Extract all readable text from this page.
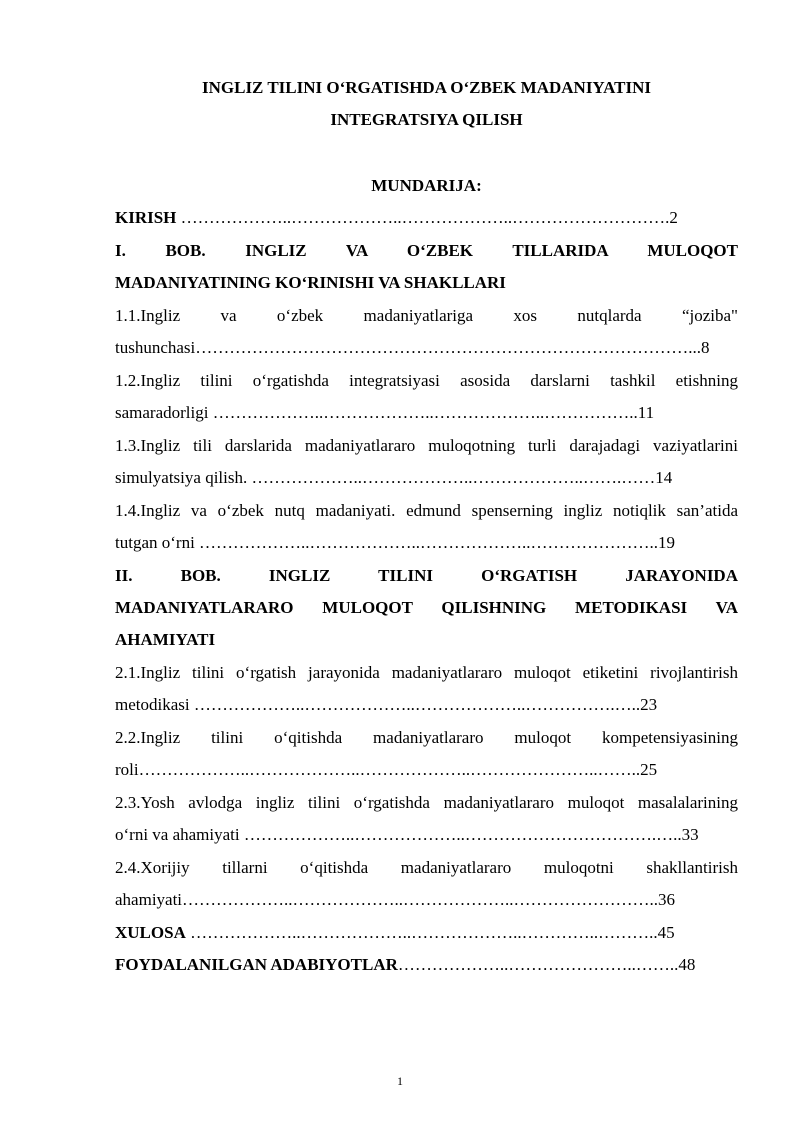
INGLIZ TILINI O‘RGATISHDA O‘ZBEK MADANIYATINI
INTEGRATSIYA QILISH
MUNDARIJA:
KIRISH ………………..………………..………………..……………………….2
I. BOB. INGLIZ VA O‘ZBEK TILLARIDA MULOQOT
MADANIYATINING KO‘RINISHI VA SHAKLLARI
1.1.Ingliz va o‘zbek madaniyatlariga xos nutqlarda “joziba"
tushunchasi……………………………………………………………………………...8
1.2.Ingliz tilini o‘rgatishda integratsiyasi asosida darslarni tashkil etishning
samaradorligi ………………..………………..………………..……………..11
1.3.Ingliz tili darslarida madaniyatlararo muloqotning turli darajadagi vaziyatlarini
simulyatsiya qilish. ………………..………………..………………..…….……14
1.4.Ingliz va o‘zbek nutq madaniyati. edmund spenserning ingliz notiqlik san’atida
tutgan o‘rni ………………..………………..………………..…………………..19
II. BOB. INGLIZ TILINI O‘RGATISH JARAYONIDA
MADANIYATLARARO MULOQOT QILISHNING METODIKASI VA
AHAMIYATI
2.1.Ingliz tilini o‘rgatish jarayonida madaniyatlararo muloqot etiketini rivojlantirish
metodikasi ………………..………………..………………..…………….…..23
2.2.Ingliz tilini o‘qitishda madaniyatlararo muloqot kompetensiyasining
roli………………..………………..………………..…………………..……..25
2.3.Yosh avlodga ingliz tilini o‘rgatishda madaniyatlararo muloqot masalalarining
o‘rni va ahamiyati ………………..………………..…………………………….…..33
2.4.Xorijiy tillarni o‘qitishda madaniyatlararo muloqotni shakllantirish
ahamiyati………………..………………..………………..……………………..36
XULOSA ………………..………………..………………..…………..………..45
FOYDALANILGAN ADABIYOTLAR………………..…………………..……..48
1
